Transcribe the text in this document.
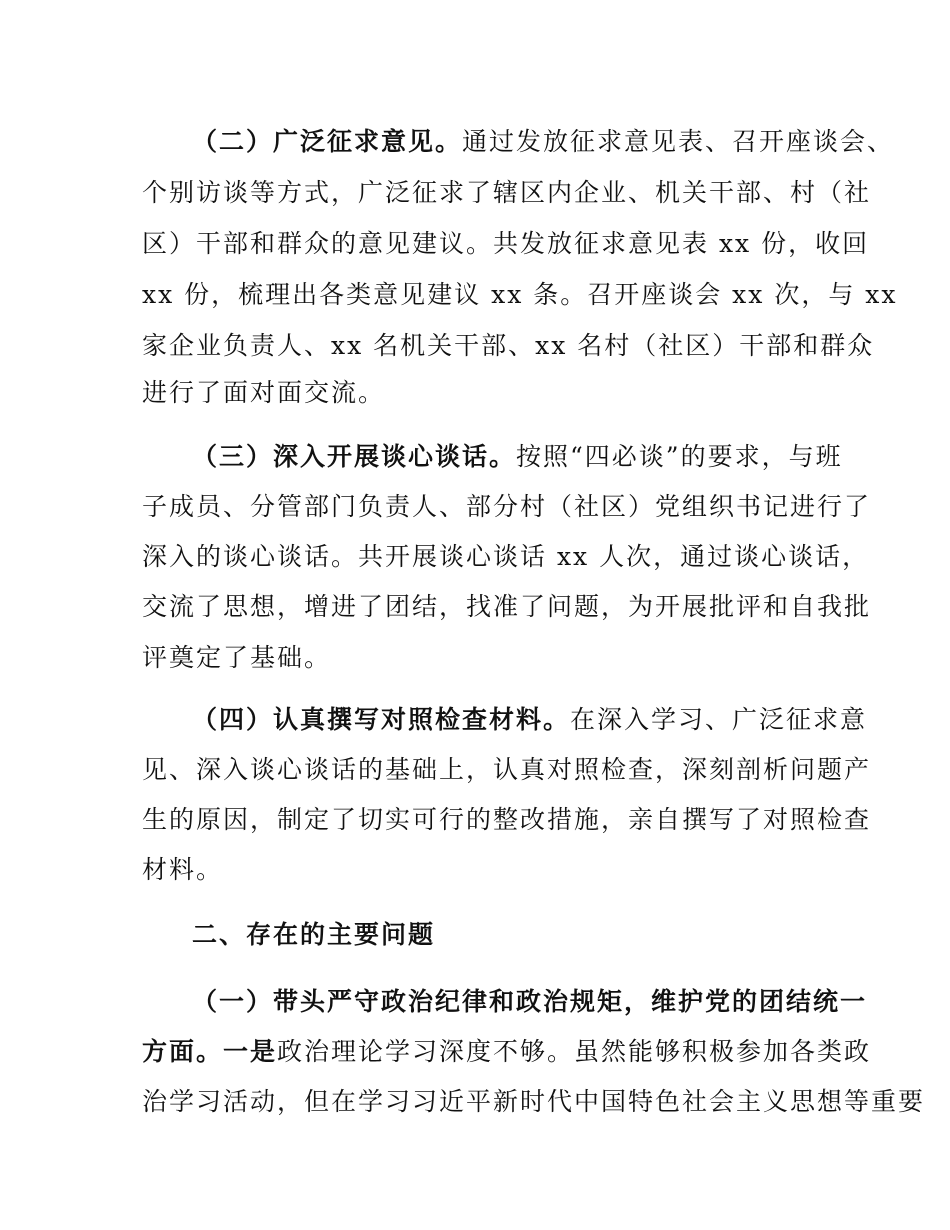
（二）广泛征求意见。通过发放征求意见表、召开座谈会、
个别访谈等方式，广泛征求了辖区内企业、机关干部、村（社
区）干部和群众的意见建议。共发放征求意见表 xx 份，收回
xx 份，梳理出各类意见建议 xx 条。召开座谈会 xx 次，与 xx
家企业负责人、xx 名机关干部、xx 名村（社区）干部和群众
进行了面对面交流。
（三）深入开展谈心谈话。按照“四必谈”的要求，与班
子成员、分管部门负责人、部分村（社区）党组织书记进行了
深入的谈心谈话。共开展谈心谈话 xx 人次，通过谈心谈话，
交流了思想，增进了团结，找准了问题，为开展批评和自我批
评奠定了基础。
（四）认真撰写对照检查材料。在深入学习、广泛征求意
见、深入谈心谈话的基础上，认真对照检查，深刻剖析问题产
生的原因，制定了切实可行的整改措施，亲自撰写了对照检查
材料。
二、存在的主要问题
（一）带头严守政治纪律和政治规矩，维护党的团结统一
方面。一是政治理论学习深度不够。虽然能够积极参加各类政
治学习活动，但在学习习近平新时代中国特色社会主义思想等重要
